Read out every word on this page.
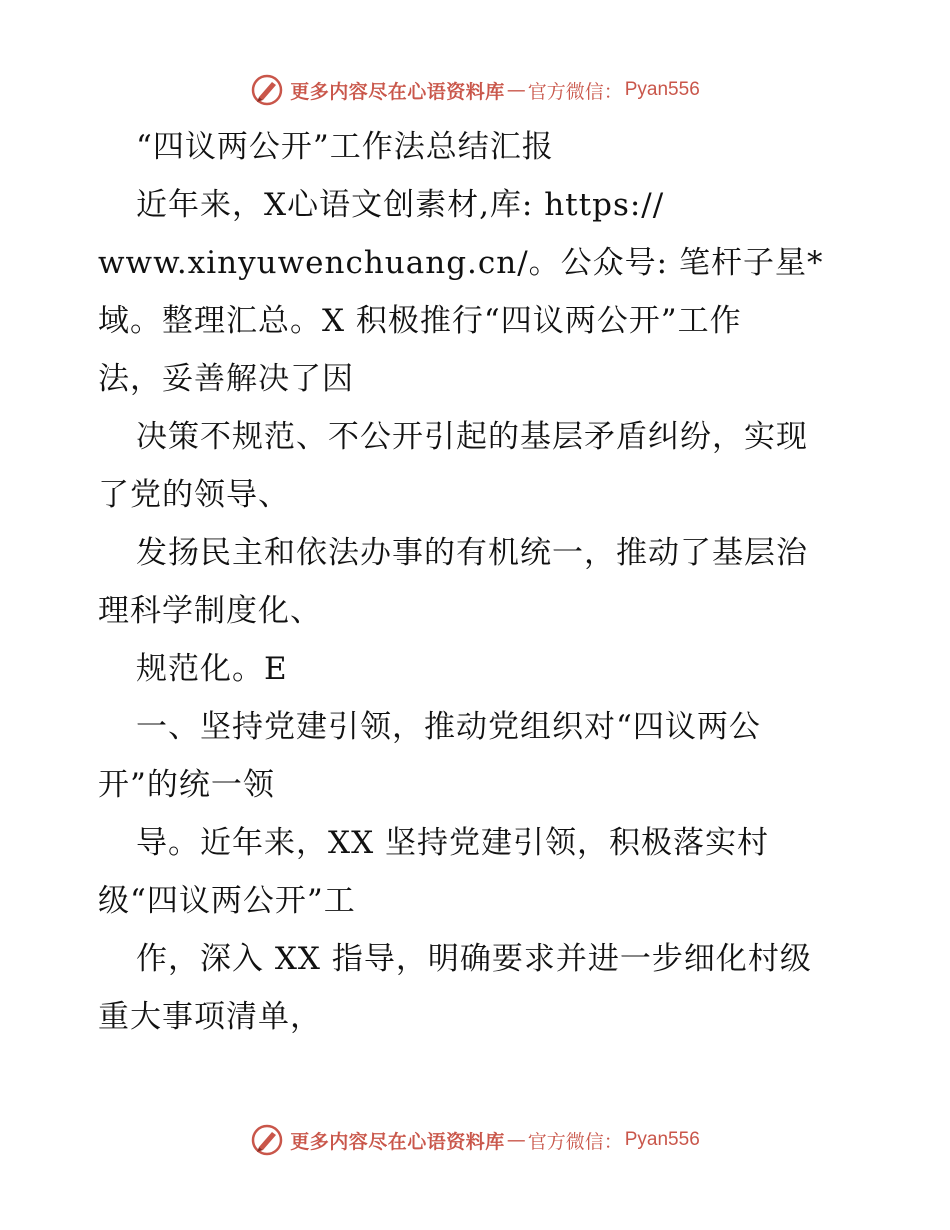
更多内容尽在心语资料库 — 官方微信： Pyan556
“四议两公开”工作法总结汇报
近年来，X心语文创素材,库: https://
www.xinyuwenchuang.cn/。公众号: 笔杆子星*
域。整理汇总。X 积极推行“四议两公开”工作
法，妥善解决了因
决策不规范、不公开引起的基层矛盾纠纷，实现
了党的领导、
发扬民主和依法办事的有机统一，推动了基层治
理科学制度化、
规范化。E
一、坚持党建引领，推动党组织对“四议两公
开”的统一领
导。近年来，XX 坚持党建引领，积极落实村
级“四议两公开”工
作，深入 XX 指导，明确要求并进一步细化村级
重大事项清单，
更多内容尽在心语资料库 — 官方微信： Pyan556
